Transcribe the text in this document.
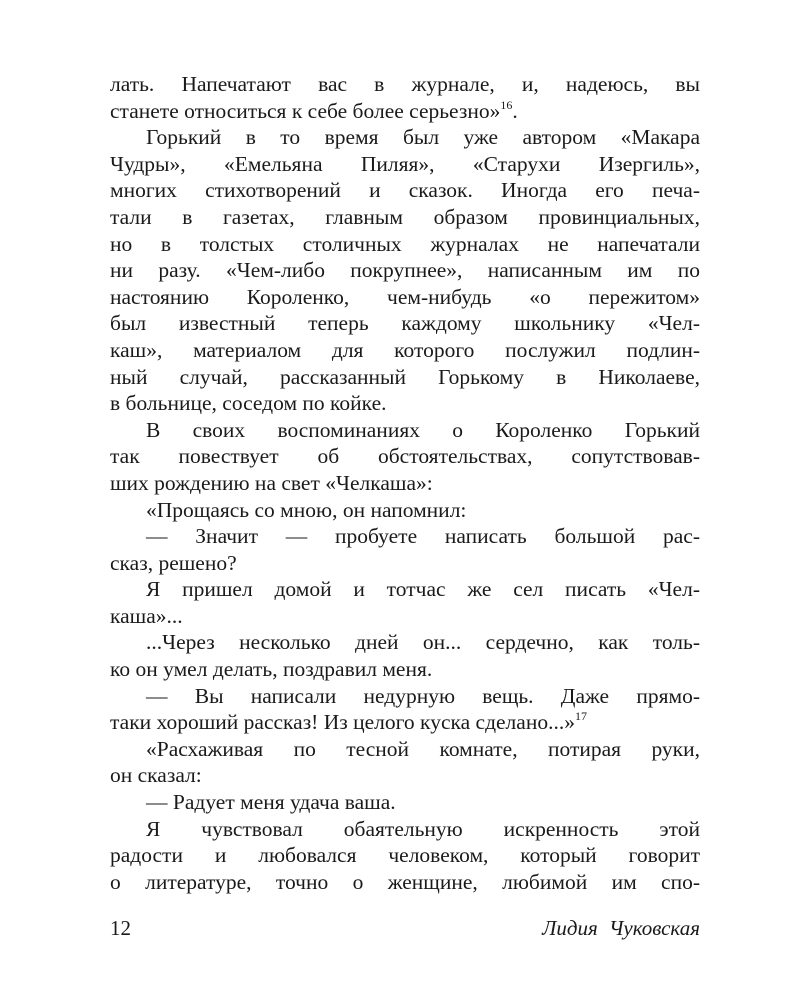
лать. Напечатают вас в журнале, и, надеюсь, вы
станете относиться к себе более серьезно»$^{16}$.
Горький в то время был уже автором «Макара
Чудры», «Емельяна Пиляя», «Старухи Изергиль»,
многих стихотворений и сказок. Иногда его печа-
тали в газетах, главным образом провинциальных,
но в толстых столичных журналах не напечатали
ни разу. «Чем-либо покрупнее», написанным им по
настоянию Короленко, чем-нибудь «о пережитом»
был известный теперь каждому школьнику «Чел-
каш», материалом для которого послужил подлин-
ный случай, рассказанный Горькому в Николаеве,
в больнице, соседом по койке.
В своих воспоминаниях о Короленко Горький
так повествует об обстоятельствах, сопутствовав-
ших рождению на свет «Челкаша»:
«Прощаясь со мною, он напомнил:
— Значит — пробуете написать большой рас-
сказ, решено?
Я пришел домой и тотчас же сел писать «Чел-
каша»...
...Через несколько дней он... сердечно, как толь-
ко он умел делать, поздравил меня.
— Вы написали недурную вещь. Даже прямо-
таки хороший рассказ! Из целого куска сделано...»$^{17}$
«Расхаживая по тесной комнате, потирая руки,
он сказал:
— Радует меня удача ваша.
Я чувствовал обаятельную искренность этой
радости и любовался человеком, который говорит
о литературе, точно о женщине, любимой им спо-
12	Лидия Чуковская
